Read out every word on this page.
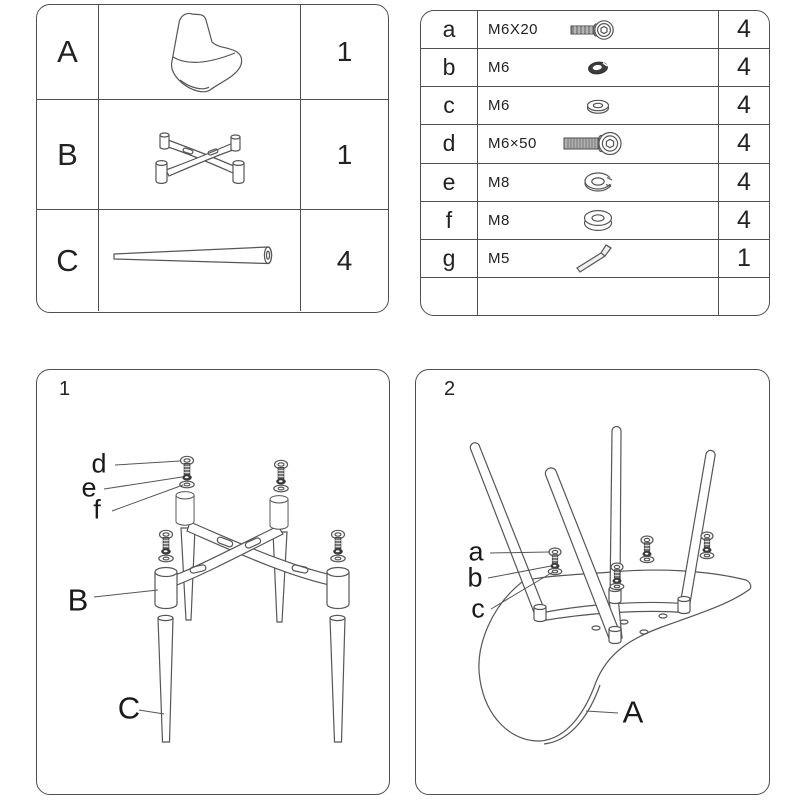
A	1
B	1
C	4
a	M6X20	4
b	M6	4
c	M6	4
d	M6×50	4
e	M8	4
f	M8	4
g	M5	1
1
d
e
f
B
C
2
a
b
c
A
